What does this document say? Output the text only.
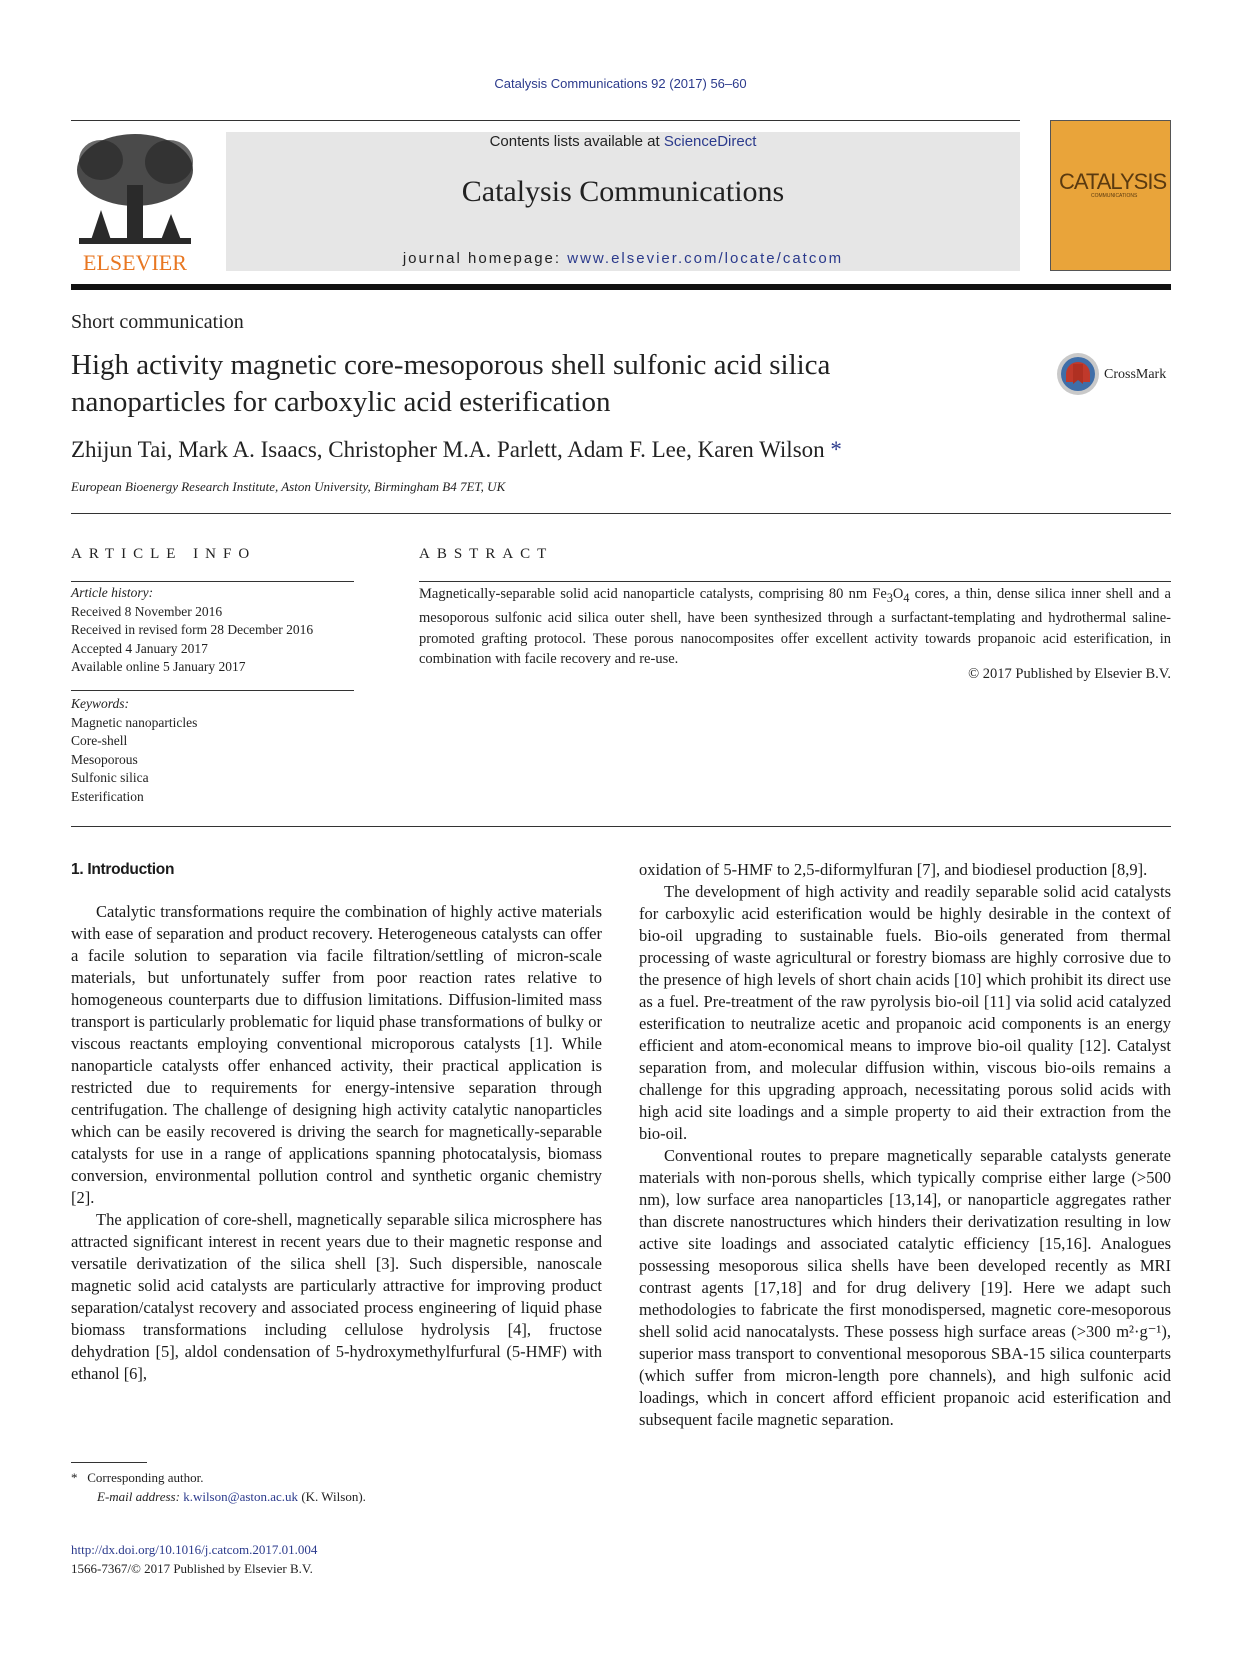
Catalysis Communications 92 (2017) 56–60
ELSEVIER
Contents lists available at ScienceDirect
Catalysis Communications
journal homepage: www.elsevier.com/locate/catcom
CATALYSIS
COMMUNICATIONS
Short communication
High activity magnetic core-mesoporous shell sulfonic acid silica nanoparticles for carboxylic acid esterification
CrossMark
Zhijun Tai, Mark A. Isaacs, Christopher M.A. Parlett, Adam F. Lee, Karen Wilson *
European Bioenergy Research Institute, Aston University, Birmingham B4 7ET, UK
ARTICLE INFO
Article history:
Received 8 November 2016
Received in revised form 28 December 2016
Accepted 4 January 2017
Available online 5 January 2017
Keywords:
Magnetic nanoparticles
Core-shell
Mesoporous
Sulfonic silica
Esterification
ABSTRACT
Magnetically-separable solid acid nanoparticle catalysts, comprising 80 nm $Fe_3O_4$ cores, a thin, dense silica inner shell and a mesoporous sulfonic acid silica outer shell, have been synthesized through a surfactant-templating and hydrothermal saline-promoted grafting protocol. These porous nanocomposites offer excellent activity towards propanoic acid esterification, in combination with facile recovery and re-use.
© 2017 Published by Elsevier B.V.
1. Introduction

Catalytic transformations require the combination of highly active materials with ease of separation and product recovery. Heterogeneous catalysts can offer a facile solution to separation via facile filtration/settling of micron-scale materials, but unfortunately suffer from poor reaction rates relative to homogeneous counterparts due to diffusion limitations. Diffusion-limited mass transport is particularly problematic for liquid phase transformations of bulky or viscous reactants employing conventional microporous catalysts [1]. While nanoparticle catalysts offer enhanced activity, their practical application is restricted due to requirements for energy-intensive separation through centrifugation. The challenge of designing high activity catalytic nanoparticles which can be easily recovered is driving the search for magnetically-separable catalysts for use in a range of applications spanning photocatalysis, biomass conversion, environmental pollution control and synthetic organic chemistry [2].

The application of core-shell, magnetically separable silica microsphere has attracted significant interest in recent years due to their magnetic response and versatile derivatization of the silica shell [3]. Such dispersible, nanoscale magnetic solid acid catalysts are particularly attractive for improving product separation/catalyst recovery and associated process engineering of liquid phase biomass transformations including cellulose hydrolysis [4], fructose dehydration [5], aldol condensation of 5-hydroxymethylfurfural (5-HMF) with ethanol [6],

oxidation of 5-HMF to 2,5-diformylfuran [7], and biodiesel production [8,9].

The development of high activity and readily separable solid acid catalysts for carboxylic acid esterification would be highly desirable in the context of bio-oil upgrading to sustainable fuels. Bio-oils generated from thermal processing of waste agricultural or forestry biomass are highly corrosive due to the presence of high levels of short chain acids [10] which prohibit its direct use as a fuel. Pre-treatment of the raw pyrolysis bio-oil [11] via solid acid catalyzed esterification to neutralize acetic and propanoic acid components is an energy efficient and atom-economical means to improve bio-oil quality [12]. Catalyst separation from, and molecular diffusion within, viscous bio-oils remains a challenge for this upgrading approach, necessitating porous solid acids with high acid site loadings and a simple property to aid their extraction from the bio-oil.

Conventional routes to prepare magnetically separable catalysts generate materials with non-porous shells, which typically comprise either large (>500 nm), low surface area nanoparticles [13,14], or nanoparticle aggregates rather than discrete nanostructures which hinders their derivatization resulting in low active site loadings and associated catalytic efficiency [15,16]. Analogues possessing mesoporous silica shells have been developed recently as MRI contrast agents [17,18] and for drug delivery [19]. Here we adapt such methodologies to fabricate the first monodispersed, magnetic core-mesoporous shell solid acid nanocatalysts. These possess high surface areas (>300 m²·g⁻¹), superior mass transport to conventional mesoporous SBA-15 silica counterparts (which suffer from micron-length pore channels), and high sulfonic acid loadings, which in concert afford efficient propanoic acid esterification and subsequent facile magnetic separation.

* Corresponding author.
E-mail address: k.wilson@aston.ac.uk (K. Wilson).
http://dx.doi.org/10.1016/j.catcom.2017.01.004
1566-7367/© 2017 Published by Elsevier B.V.
